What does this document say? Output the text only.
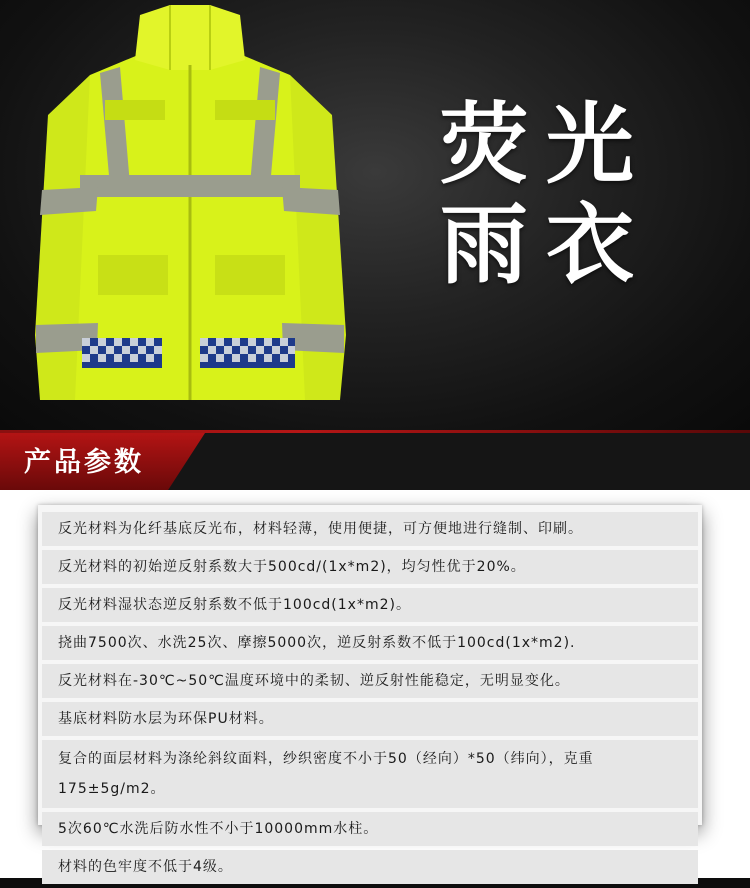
荧光
雨衣
产品参数
反光材料为化纤基底反光布，材料轻薄，使用便捷，可方便地进行缝制、印刷。
反光材料的初始逆反射系数大于500cd/(1x*m2)，均匀性优于20%。
反光材料湿状态逆反射系数不低于100cd(1x*m2)。
挠曲7500次、水洗25次、摩擦5000次，逆反射系数不低于100cd(1x*m2).
反光材料在-30℃~50℃温度环境中的柔韧、逆反射性能稳定，无明显变化。
基底材料防水层为环保PU材料。
复合的面层材料为涤纶斜纹面料，纱织密度不小于50（经向）*50（纬向），克重175±5g/m2。
5次60℃水洗后防水性不小于10000mm水柱。
材料的色牢度不低于4级。
